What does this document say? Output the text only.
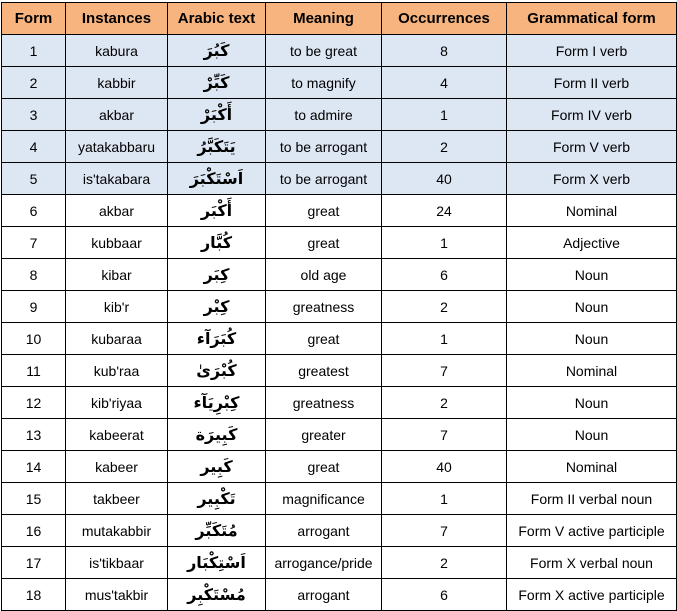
Form	Instances	Arabic text	Meaning	Occurrences	Grammatical form
1	kabura	كَبُرَ	to be great	8	Form I verb
2	kabbir	كَبِّرْ	to magnify	4	Form II verb
3	akbar	أَكْبَرْ	to admire	1	Form IV verb
4	yatakabbaru	يَتَكَبَّرُ	to be arrogant	2	Form V verb
5	is'takabara	اَسْتَكْبَرَ	to be arrogant	40	Form X verb
6	akbar	أَكْبَر	great	24	Nominal
7	kubbaar	كُبَّار	great	1	Adjective
8	kibar	كِبَر	old age	6	Noun
9	kib'r	كِبْر	greatness	2	Noun
10	kubaraa	كُبَرَآء	great	1	Noun
11	kub'raa	كُبْرَىٰ	greatest	7	Nominal
12	kib'riyaa	كِبْرِيَآء	greatness	2	Noun
13	kabeerat	كَبِيرَة	greater	7	Noun
14	kabeer	كَبِير	great	40	Nominal
15	takbeer	تَكْبِير	magnificance	1	Form II verbal noun
16	mutakabbir	مُتَكَبِّر	arrogant	7	Form V active participle
17	is'tikbaar	اَسْتِكْبَار	arrogance/pride	2	Form X verbal noun
18	mus'takbir	مُسْتَكْبِر	arrogant	6	Form X active participle
